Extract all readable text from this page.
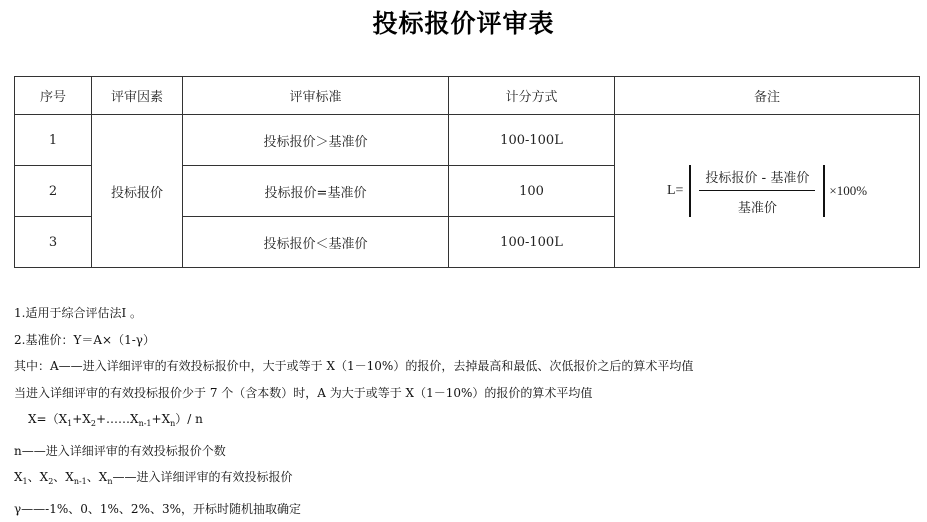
投标报价评审表
序号	评审因素	评审标准	计分方式	备注
1	投标报价	投标报价＞基准价	100-100L	$L= \frac{\text{投标报价 - 基准价}}{\text{基准价}} \times 100\%$

2		投标报价=基准价	100	
3		投标报价＜基准价	100-100L	
1.适用于综合评估法Ⅰ 。
2.基准价：Y＝A×（1-γ）
其中：A——进入详细评审的有效投标报价中，大于或等于 X（1－10%）的报价，去掉最高和最低、次低报价之后的算术平均值
当进入详细评审的有效投标报价少于 7 个（含本数）时，A 为大于或等于 X（1－10%）的报价的算术平均值
$X=(X_1+X_2+\dots\dots X_{n-1}+X_n)/$ n
n——进入详细评审的有效投标报价个数
$X_1$、$X_2$、$X_{n-1}$、$X_n——$进入详细评审的有效投标报价
γ——-1%、0、1%、2%、3%，开标时随机抽取确定
